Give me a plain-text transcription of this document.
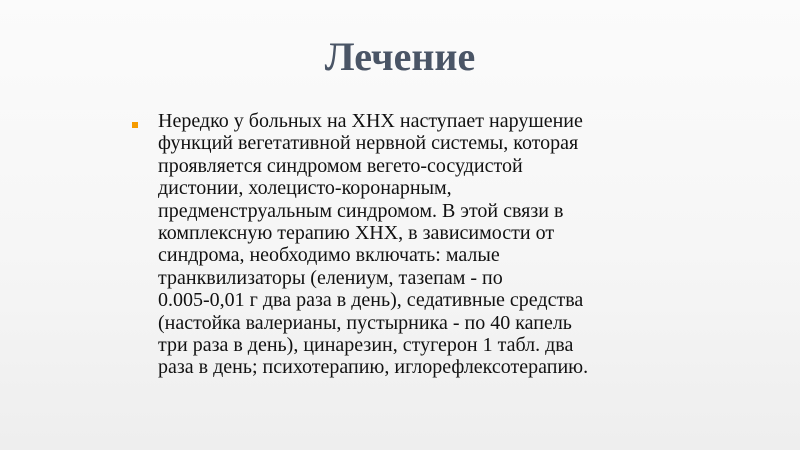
Лечение
Нередко у больных на ХНХ наступает нарушение
функций вегетативной нервной системы, которая
проявляется синдромом вегето-сосудистой
дистонии, холецисто-коронарным,
предменструальным синдромом. В этой связи в
комплексную терапию ХНХ, в зависимости от
синдрома, необходимо включать: малые
транквилизаторы (елениум, тазепам - по
0.005-0,01 г два раза в день), седативные средства
(настойка валерианы, пустырника - по 40 капель
три раза в день), цинарезин, стугерон 1 табл. два
раза в день; психотерапию, иглорефлексотерапию.
